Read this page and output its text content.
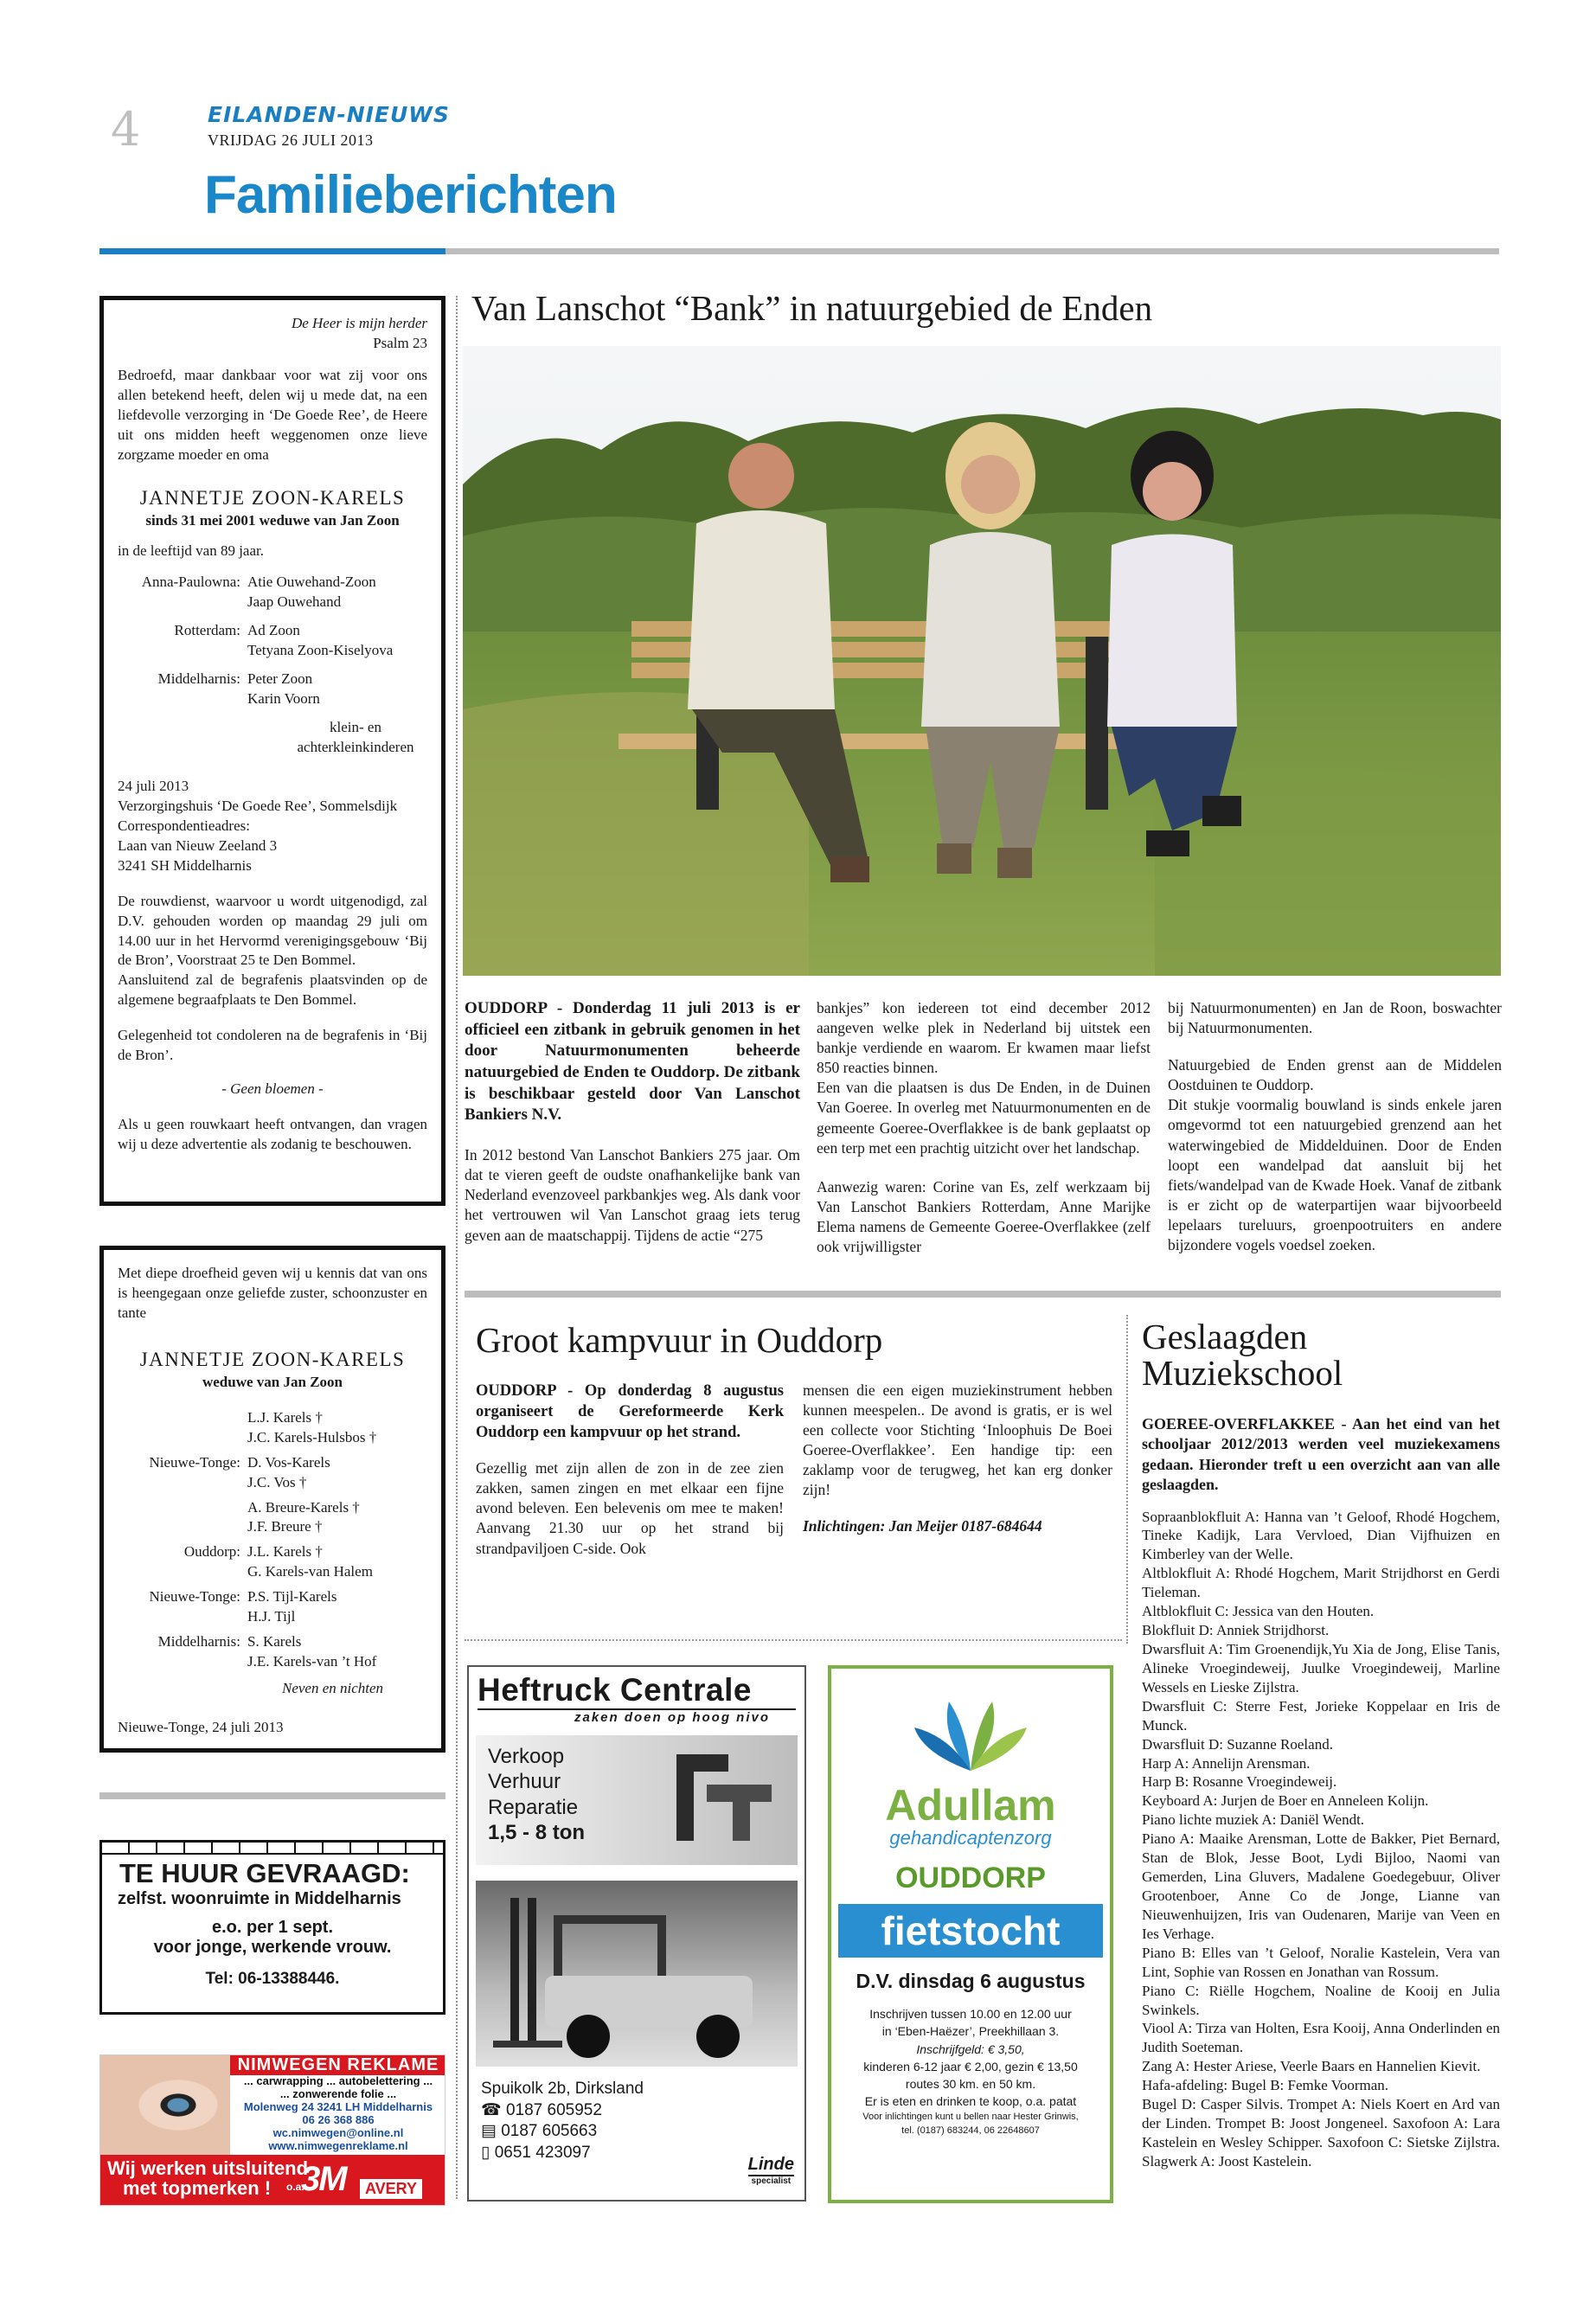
4	EILANDEN-NIEUWS
VRIJDAG 26 JULI 2013
Familieberichten
De Heer is mijn herder
Psalm 23

Bedroefd, maar dankbaar voor wat zij voor ons allen betekend heeft, delen wij u mede dat, na een liefdevolle verzorging in ‘De Goede Ree’, de Heere uit ons midden heeft weggenomen onze lieve zorgzame moeder en oma

JANNETJE ZOON-KARELS
sinds 31 mei 2001 weduwe van Jan Zoon
in de leeftijd van 89 jaar.
Anna-Paulowna: Atie Ouwehand-Zoon
Jaap Ouwehand
Rotterdam: Ad Zoon
Tetyana Zoon-Kiselyova
Middelharnis: Peter Zoon
Karin Voorn
klein- en achterkleinkinderen
24 juli 2013
Verzorgingshuis ‘De Goede Ree’, Sommelsdijk
Correspondentieadres:
Laan van Nieuw Zeeland 3
3241 SH Middelharnis

De rouwdienst, waarvoor u wordt uitgenodigd, zal D.V. gehouden worden op maandag 29 juli om 14.00 uur in het Hervormd verenigingsgebouw ‘Bij de Bron’, Voorstraat 25 te Den Bommel.

Aansluitend zal de begrafenis plaatsvinden op de algemene begraafplaats te Den Bommel.

Gelegenheid tot condoleren na de begrafenis in ‘Bij de Bron’.

- Geen bloemen -

Als u geen rouwkaart heeft ontvangen, dan vragen wij u deze advertentie als zodanig te beschouwen.

Met diepe droefheid geven wij u kennis dat van ons is heengegaan onze geliefde zuster, schoonzuster en tante

JANNETJE ZOON-KARELS
weduwe van Jan Zoon
L.J. Karels †
J.C. Karels-Hulsbos †
Nieuwe-Tonge: D. Vos-Karels
J.C. Vos †
A. Breure-Karels †
J.F. Breure †
Ouddorp: J.L. Karels †
G. Karels-van Halem
Nieuwe-Tonge: P.S. Tijl-Karels
H.J. Tijl
Middelharnis: S. Karels
J.E. Karels-van ’t Hof
Neven en nichten
Nieuwe-Tonge, 24 juli 2013
TE HUUR GEVRAAGD:
zelfst. woonruimte in Middelharnis
e.o. per 1 sept.
voor jonge, werkende vrouw.
Tel: 06-13388446.
NIMWEGEN REKLAME
... carwrapping ... autobelettering ...
... zonwerende folie ...
Molenweg 24 3241 LH Middelharnis
06 26 368 886
wc.nimwegen@online.nl
www.nimwegenreklame.nl
Wij werken uitsluitend
met topmerken !	o.a.
3M	AVERY
Van Lanschot “Bank” in natuurgebied de Enden

OUDDORP - Donderdag 11 juli 2013 is er officieel een zitbank in gebruik genomen in het door Natuurmonumenten beheerde natuurgebied de Enden te Ouddorp. De zitbank is beschikbaar gesteld door Van Lanschot Bankiers N.V.

In 2012 bestond Van Lanschot Bankiers 275 jaar. Om dat te vieren geeft de oudste onafhankelijke bank van Nederland evenzoveel parkbankjes weg. Als dank voor het vertrouwen wil Van Lanschot graag iets terug geven aan de maatschappij. Tijdens de actie “275

bankjes” kon iedereen tot eind december 2012 aangeven welke plek in Nederland bij uitstek een bankje verdiende en waarom. Er kwamen maar liefst 850 reacties binnen.

Een van die plaatsen is dus De Enden, in de Duinen Van Goeree. In overleg met Natuurmonumenten en de gemeente Goeree-Overflakkee is de bank geplaatst op een terp met een prachtig uitzicht over het landschap.

Aanwezig waren: Corine van Es, zelf werkzaam bij Van Lanschot Bankiers Rotterdam, Anne Marijke Elema namens de Gemeente Goeree-Overflakkee (zelf ook vrijwilligster

bij Natuurmonumenten) en Jan de Roon, boswachter bij Natuurmonumenten.

Natuurgebied de Enden grenst aan de Middelen Oostduinen te Ouddorp.

Dit stukje voormalig bouwland is sinds enkele jaren omgevormd tot een natuurgebied grenzend aan het waterwingebied de Middelduinen. Door de Enden loopt een wandelpad dat aansluit bij het fiets/wandelpad van de Kwade Hoek. Vanaf de zitbank is er zicht op de waterpartijen waar bijvoorbeeld lepelaars tureluurs, groenpootruiters en andere bijzondere vogels voedsel zoeken.

Groot kampvuur in Ouddorp

OUDDORP - Op donderdag 8 augustus organiseert de Gereformeerde Kerk Ouddorp een kampvuur op het strand.

Gezellig met zijn allen de zon in de zee zien zakken, samen zingen en met elkaar een fijne avond beleven. Een belevenis om mee te maken! Aanvang 21.30 uur op het strand bij strandpaviljoen C-side. Ook

mensen die een eigen muziekinstrument hebben kunnen meespelen.. De avond is gratis, er is wel een collecte voor Stichting ‘Inloophuis De Boei Goeree-Overflakkee’. Een handige tip: een zaklamp voor de terugweg, het kan erg donker zijn!

Inlichtingen: Jan Meijer 0187-684644

Geslaagden Muziekschool

GOEREE-OVERFLAKKEE - Aan het eind van het schooljaar 2012/2013 werden veel muziekexamens gedaan. Hieronder treft u een overzicht aan van alle geslaagden.

Sopraanblokfluit A: Hanna van ’t Geloof, Rhodé Hogchem, Tineke Kadijk, Lara Vervloed, Dian Vijfhuizen en Kimberley van der Welle.
Altblokfluit A: Rhodé Hogchem, Marit Strijdhorst en Gerdi Tieleman.
Altblokfluit C: Jessica van den Houten.
Blokfluit D: Anniek Strijdhorst.
Dwarsfluit A: Tim Groenendijk,Yu Xia de Jong, Elise Tanis, Alineke Vroegindeweij, Juulke Vroegindeweij, Marline Wessels en Lieske Zijlstra.
Dwarsfluit C: Sterre Fest, Jorieke Koppelaar en Iris de Munck.
Dwarsfluit D: Suzanne Roeland.
Harp A: Annelijn Arensman.
Harp B: Rosanne Vroegindeweij.
Keyboard A: Jurjen de Boer en Anneleen Kolijn.
Piano lichte muziek A: Daniël Wendt.
Piano A: Maaike Arensman, Lotte de Bakker, Piet Bernard, Stan de Blok, Jesse Boot, Lydi Bijloo, Naomi van Gemerden, Lina Gluvers, Madalene Goedegebuur, Oliver Grootenboer, Anne Co de Jonge, Lianne van Nieuwenhuijzen, Iris van Oudenaren, Marije van Veen en Ies Verhage.
Piano B: Elles van ’t Geloof, Noralie Kastelein, Vera van Lint, Sophie van Rossen en Jonathan van Rossum.
Piano C: Riëlle Hogchem, Noaline de Kooij en Julia Swinkels.
Viool A: Tirza van Holten, Esra Kooij, Anna Onderlinden en Judith Soeteman.
Zang A: Hester Ariese, Veerle Baars en Hannelien Kievit.
Hafa-afdeling: Bugel B: Femke Voorman.
Bugel D: Casper Silvis. Trompet A: Niels Koert en Ard van der Linden. Trompet B: Joost Jongeneel. Saxofoon A: Lara Kastelein en Wesley Schipper. Saxofoon C: Sietske Zijlstra. Slagwerk A: Joost Kastelein.
Heftruck Centrale
zaken doen op hoog nivo
Verkoop
Verhuur
Reparatie
1,5 - 8 ton
Spuikolk 2b, Dirksland
☎ 0187 605952
▤ 0187 605663
▯ 0651 423097
Linde
specialist
Adullam
gehandicaptenzorg
OUDDORP
fietstocht
D.V. dinsdag 6 augustus
Inschrijven tussen 10.00 en 12.00 uur
in ‘Eben-Haëzer’, Preekhillaan 3.
Inschrijfgeld: € 3,50,
kinderen 6-12 jaar € 2,00, gezin € 13,50
routes 30 km. en 50 km.
Er is eten en drinken te koop, o.a. patat
Voor inlichtingen kunt u bellen naar Hester Grinwis,
tel. (0187) 683244, 06 22648607
